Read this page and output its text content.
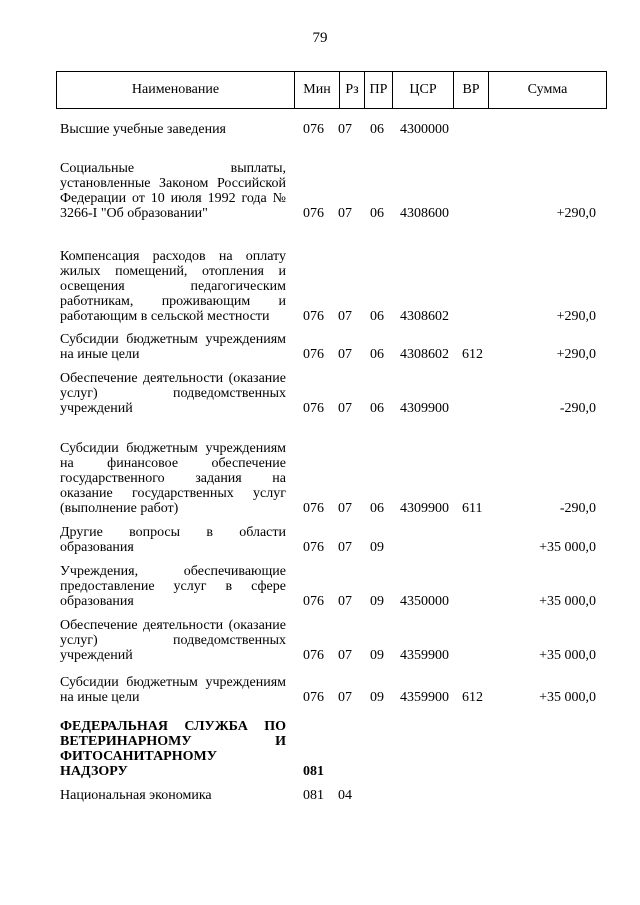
79
Наименование	Мин	Рз ПР	ЦСР	ВР	Сумма
Высшие учебные заведения	076 07 06 4300000
Социальные выплаты, установленные Законом Российской Федерации от 10 июля 1992 года № 3266-I "Об образовании"	076 07 06 4308600	+290,0
Компенсация расходов на оплату жилых помещений, отопления и освещения педагогическим работникам, проживающим и работающим в сельской местности	076 07 06 4308602	+290,0
Субсидии бюджетным учреждениям на иные цели	076 07 06 4308602 612	+290,0
Обеспечение деятельности (оказание услуг) подведомственных учреждений	076 07 06 4309900	-290,0
Субсидии бюджетным учреждениям на финансовое обеспечение государственного задания на оказание государственных услуг (выполнение работ)	076 07 06 4309900 611	-290,0
Другие вопросы в области образования	076 07 09	+35 000,0
Учреждения, обеспечивающие предоставление услуг в сфере образования	076 07 09 4350000	+35 000,0
Обеспечение деятельности (оказание услуг) подведомственных учреждений	076 07 09 4359900	+35 000,0
Субсидии бюджетным учреждениям на иные цели	076 07 09 4359900 612	+35 000,0
ФЕДЕРАЛЬНАЯ СЛУЖБА ПО ВЕТЕРИНАРНОМУ И ФИТОСАНИТАРНОМУ НАДЗОРУ	081
Национальная экономика	081 04
